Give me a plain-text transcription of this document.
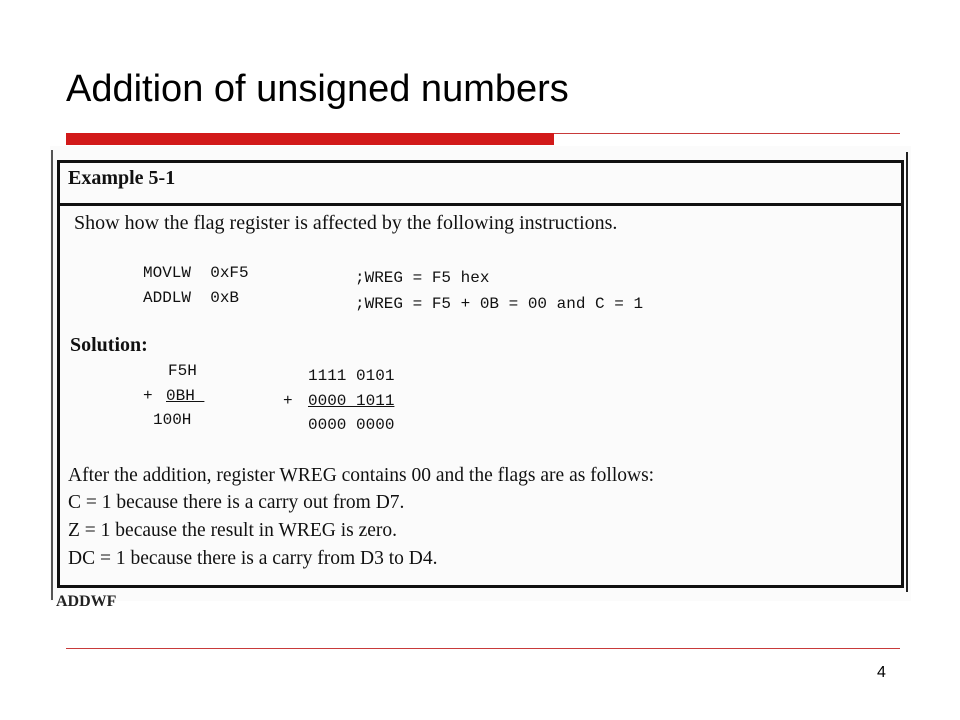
Addition of unsigned numbers
Example 5-1
Show how the flag register is affected by the following instructions.
MOVLW  0xF5	;WREG = F5 hex
ADDLW  0xB	;WREG = F5 + 0B = 00 and C = 1
Solution:
F5H
+ 0BH
100H
1111 0101
+ 0000 1011
0000 0000
After the addition, register WREG contains 00 and the flags are as follows:
C = 1 because there is a carry out from D7.
Z = 1 because the result in WREG is zero.
DC = 1 because there is a carry from D3 to D4.
ADDWF
4
